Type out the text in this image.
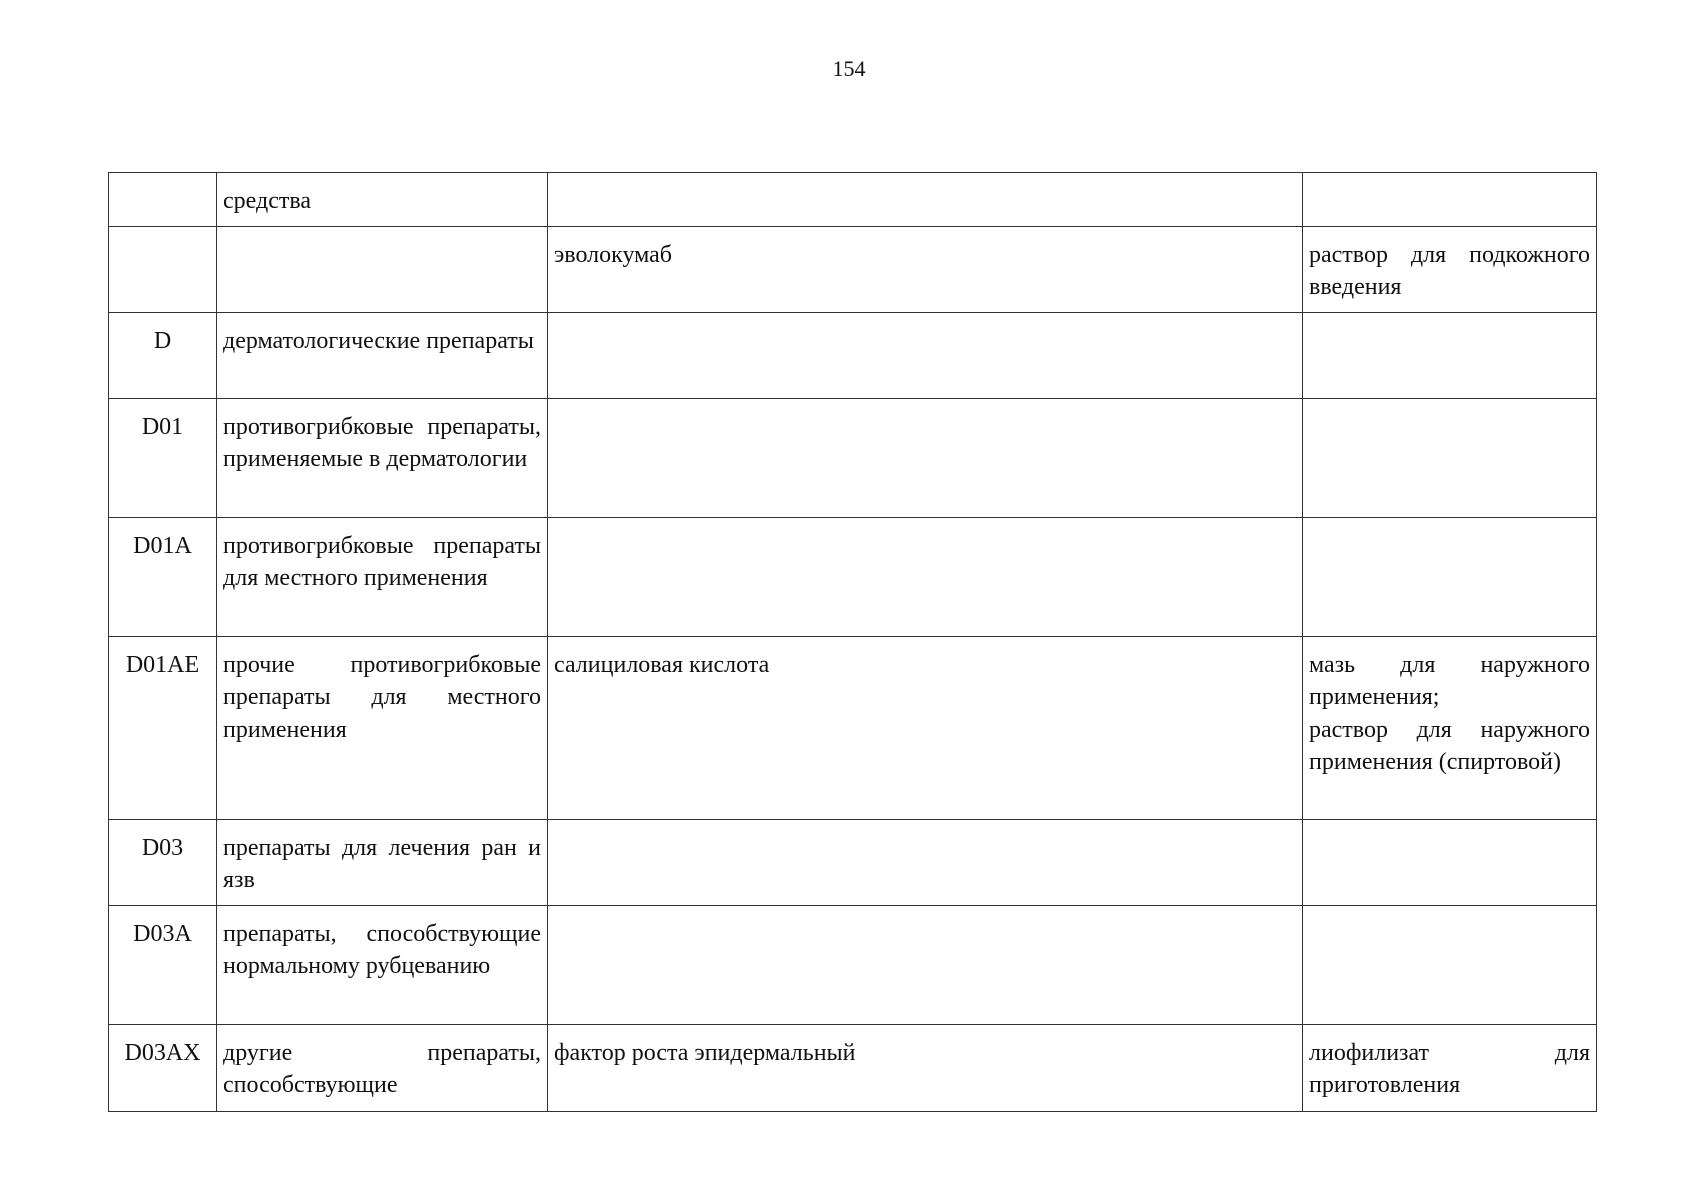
154
	средства		
		эволокумаб	раствор для подкожного введения
D	дерматологические препараты		
D01	противогрибковые препараты, применяемые в дерматологии		
D01A	противогрибковые препараты для местного применения		
D01AE	прочие противогрибковые препараты для местного применения	салициловая кислота	мазь для наружного применения;
раствор для наружного применения (спиртовой)
D03	препараты для лечения ран и язв		
D03A	препараты, способствующие нормальному рубцеванию		
D03AX	другие препараты, способствующие	фактор роста эпидермальный	лиофилизат для приготовления
